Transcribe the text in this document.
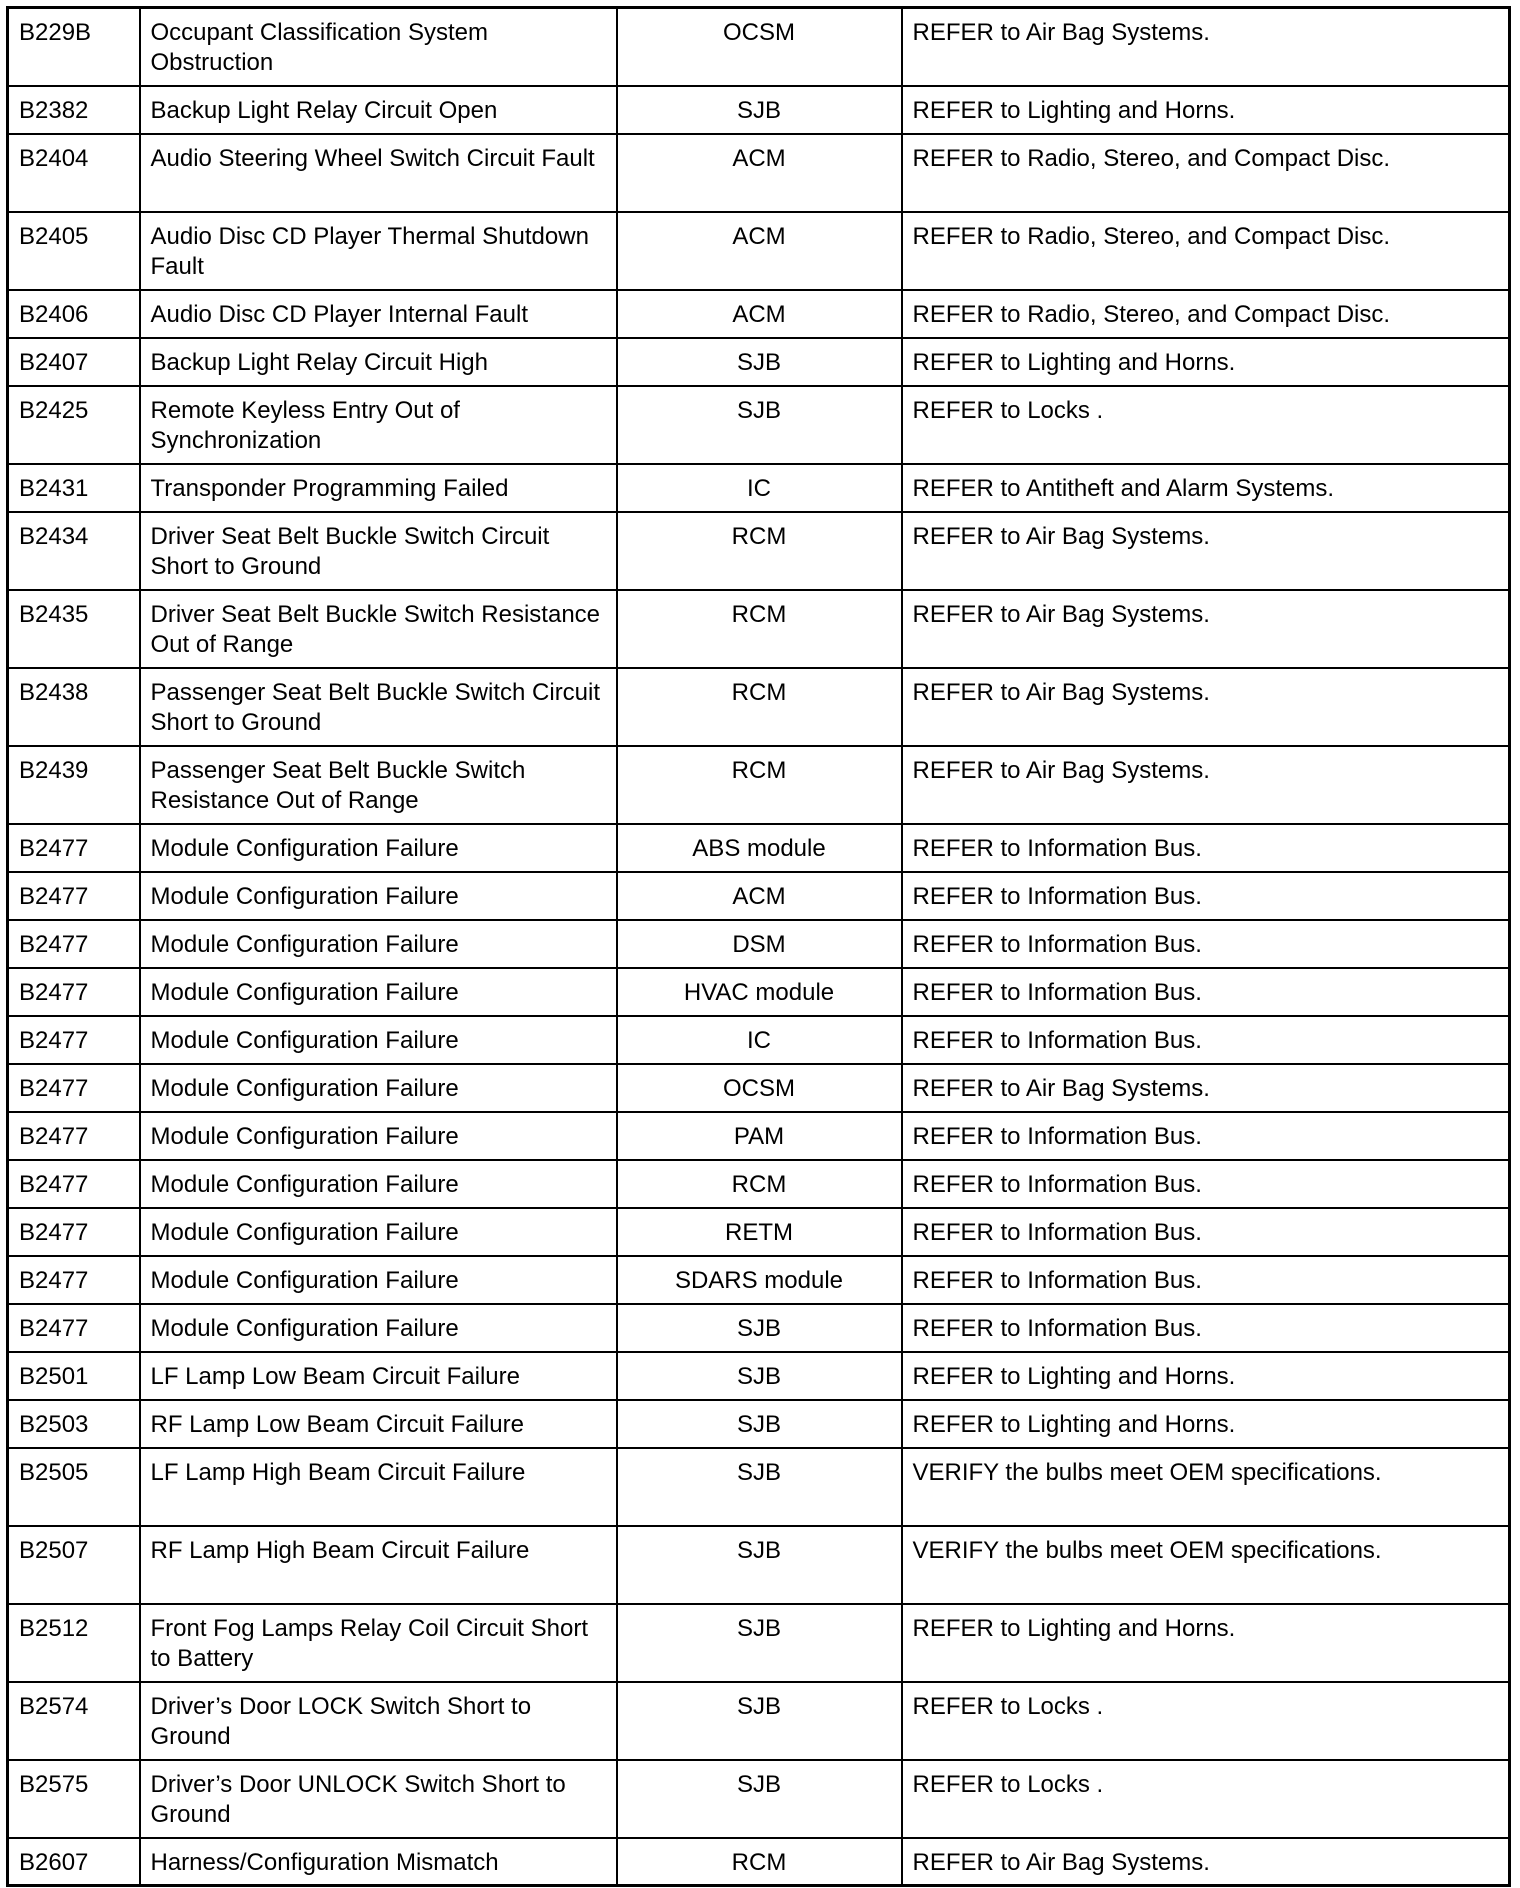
B229B	Occupant Classification System Obstruction	OCSM	REFER to Air Bag Systems.
B2382	Backup Light Relay Circuit Open	SJB	REFER to Lighting and Horns.
B2404	Audio Steering Wheel Switch Circuit Fault	ACM	REFER to Radio, Stereo, and Compact Disc.
B2405	Audio Disc CD Player Thermal Shutdown Fault	ACM	REFER to Radio, Stereo, and Compact Disc.
B2406	Audio Disc CD Player Internal Fault	ACM	REFER to Radio, Stereo, and Compact Disc.
B2407	Backup Light Relay Circuit High	SJB	REFER to Lighting and Horns.
B2425	Remote Keyless Entry Out of Synchronization	SJB	REFER to Locks .
B2431	Transponder Programming Failed	IC	REFER to Antitheft and Alarm Systems.
B2434	Driver Seat Belt Buckle Switch Circuit Short to Ground	RCM	REFER to Air Bag Systems.
B2435	Driver Seat Belt Buckle Switch Resistance Out of Range	RCM	REFER to Air Bag Systems.
B2438	Passenger Seat Belt Buckle Switch Circuit Short to Ground	RCM	REFER to Air Bag Systems.
B2439	Passenger Seat Belt Buckle Switch Resistance Out of Range	RCM	REFER to Air Bag Systems.
B2477	Module Configuration Failure	ABS module	REFER to Information Bus.
B2477	Module Configuration Failure	ACM	REFER to Information Bus.
B2477	Module Configuration Failure	DSM	REFER to Information Bus.
B2477	Module Configuration Failure	HVAC module	REFER to Information Bus.
B2477	Module Configuration Failure	IC	REFER to Information Bus.
B2477	Module Configuration Failure	OCSM	REFER to Air Bag Systems.
B2477	Module Configuration Failure	PAM	REFER to Information Bus.
B2477	Module Configuration Failure	RCM	REFER to Information Bus.
B2477	Module Configuration Failure	RETM	REFER to Information Bus.
B2477	Module Configuration Failure	SDARS module	REFER to Information Bus.
B2477	Module Configuration Failure	SJB	REFER to Information Bus.
B2501	LF Lamp Low Beam Circuit Failure	SJB	REFER to Lighting and Horns.
B2503	RF Lamp Low Beam Circuit Failure	SJB	REFER to Lighting and Horns.
B2505	LF Lamp High Beam Circuit Failure	SJB	VERIFY the bulbs meet OEM specifications.
B2507	RF Lamp High Beam Circuit Failure	SJB	VERIFY the bulbs meet OEM specifications.
B2512	Front Fog Lamps Relay Coil Circuit Short to Battery	SJB	REFER to Lighting and Horns.
B2574	Driver’s Door LOCK Switch Short to Ground	SJB	REFER to Locks .
B2575	Driver’s Door UNLOCK Switch Short to Ground	SJB	REFER to Locks .
B2607	Harness/Configuration Mismatch	RCM	REFER to Air Bag Systems.
